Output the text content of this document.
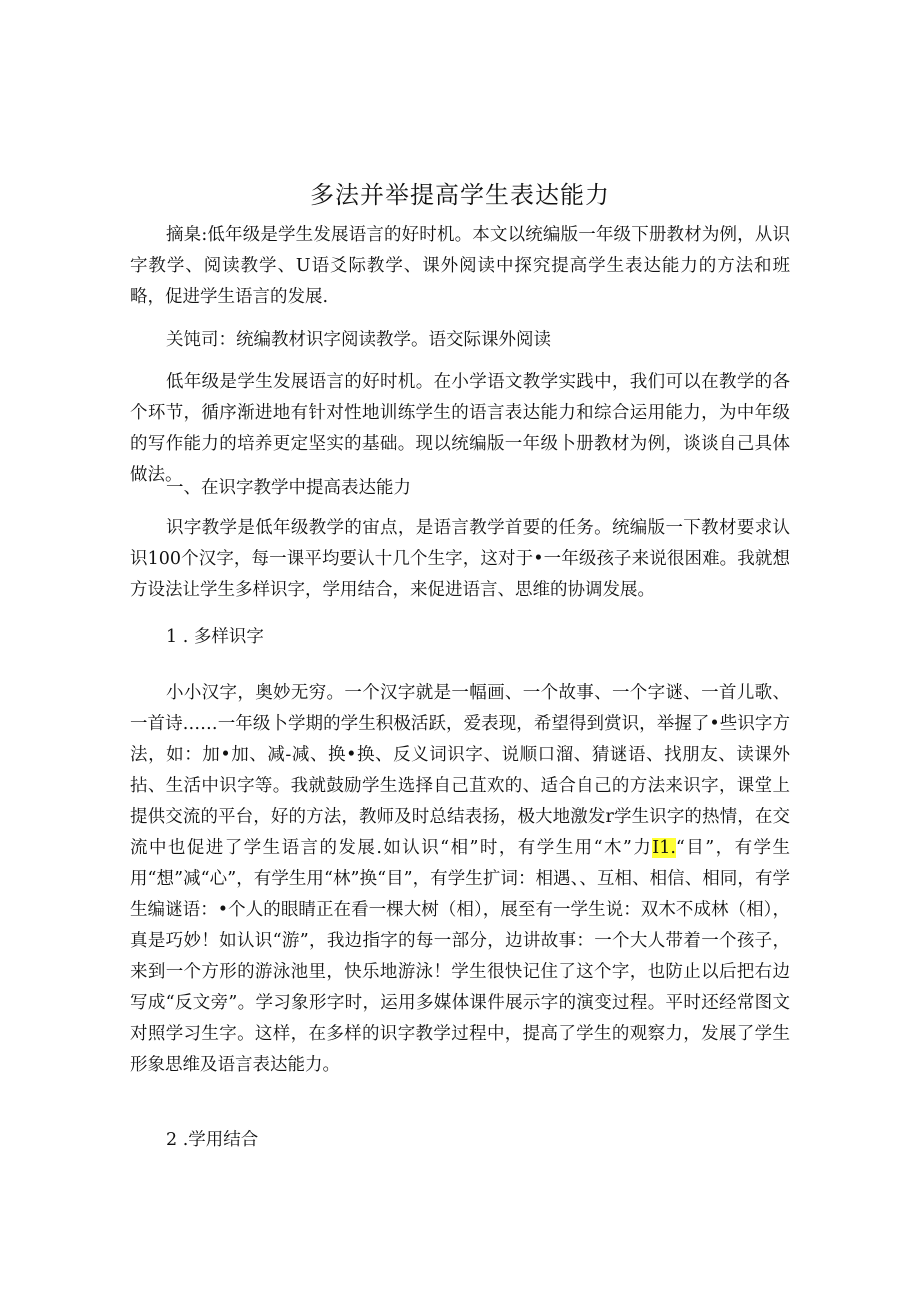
多法并举提高学生表达能力

摘臬:低年级是学生发展语言的好时机。本文以统编版一年级下册教材为例，从识字教学、阅读教学、U语爻际教学、课外阅读中探究提高学生表达能力的方法和班略，促进学生语言的发展.

关饨司：统编教材识字阅读教学。语交际课外阅读

低年级是学生发展语言的好时机。在小学语文教学实践中，我们可以在教学的各个环节，循序渐进地有针对性地训练学生的语言表达能力和综合运用能力，为中年级的写作能力的培养更定坚实的基础。现以统编版一年级卜册教材为例，谈谈自己具体做法。

一、在识字教学中提高表达能力

识字教学是低年级教学的宙点，是语言教学首要的任务。统编版一下教材要求认识100个汉字，每一课平均要认十几个生字，这对于•一年级孩子来说很困难。我就想方设法让学生多样识字，学用结合，来促进语言、思维的协调发展。

1 . 多样识字

小小汉字，奥妙无穷。一个汉字就是一幅画、一个故事、一个字谜、一首儿歌、一首诗……一年级卜学期的学生积极活跃，爱表现，希望得到赏识，举握了•些识字方法，如：加•加、减-减、换•换、反义词识字、说顺口溜、猜谜语、找朋友、读课外拈、生活中识字等。我就鼓励学生选择自己苴欢的、适合自己的方法来识字，课堂上提供交流的平台，好的方法，教师及时总结表扬，极大地激发r学生识字的热情，在交流中也促进了学生语言的发展.如认识“相”时，有学生用“木”力I1.“目”，有学生用“想”减“心”，有学生用“林”换“目”，有学生扩词：相遇、、互相、相信、相同，有学生编谜语：•个人的眼睛正在看一棵大树（相），展至有一学生说：双木不成林（相），真是巧妙！如认识“游”，我边指字的每一部分，边讲故事：一个大人带着一个孩子，来到一个方形的游泳池里，快乐地游泳！学生很快记住了这个字，也防止以后把右边写成“反文旁”。学习象形字时，运用多媒体课件展示字的演变过程。平时还经常图文对照学习生字。这样，在多样的识字教学过程中，提高了学生的观察力，发展了学生形象思维及语言表达能力。

2 .学用结合
